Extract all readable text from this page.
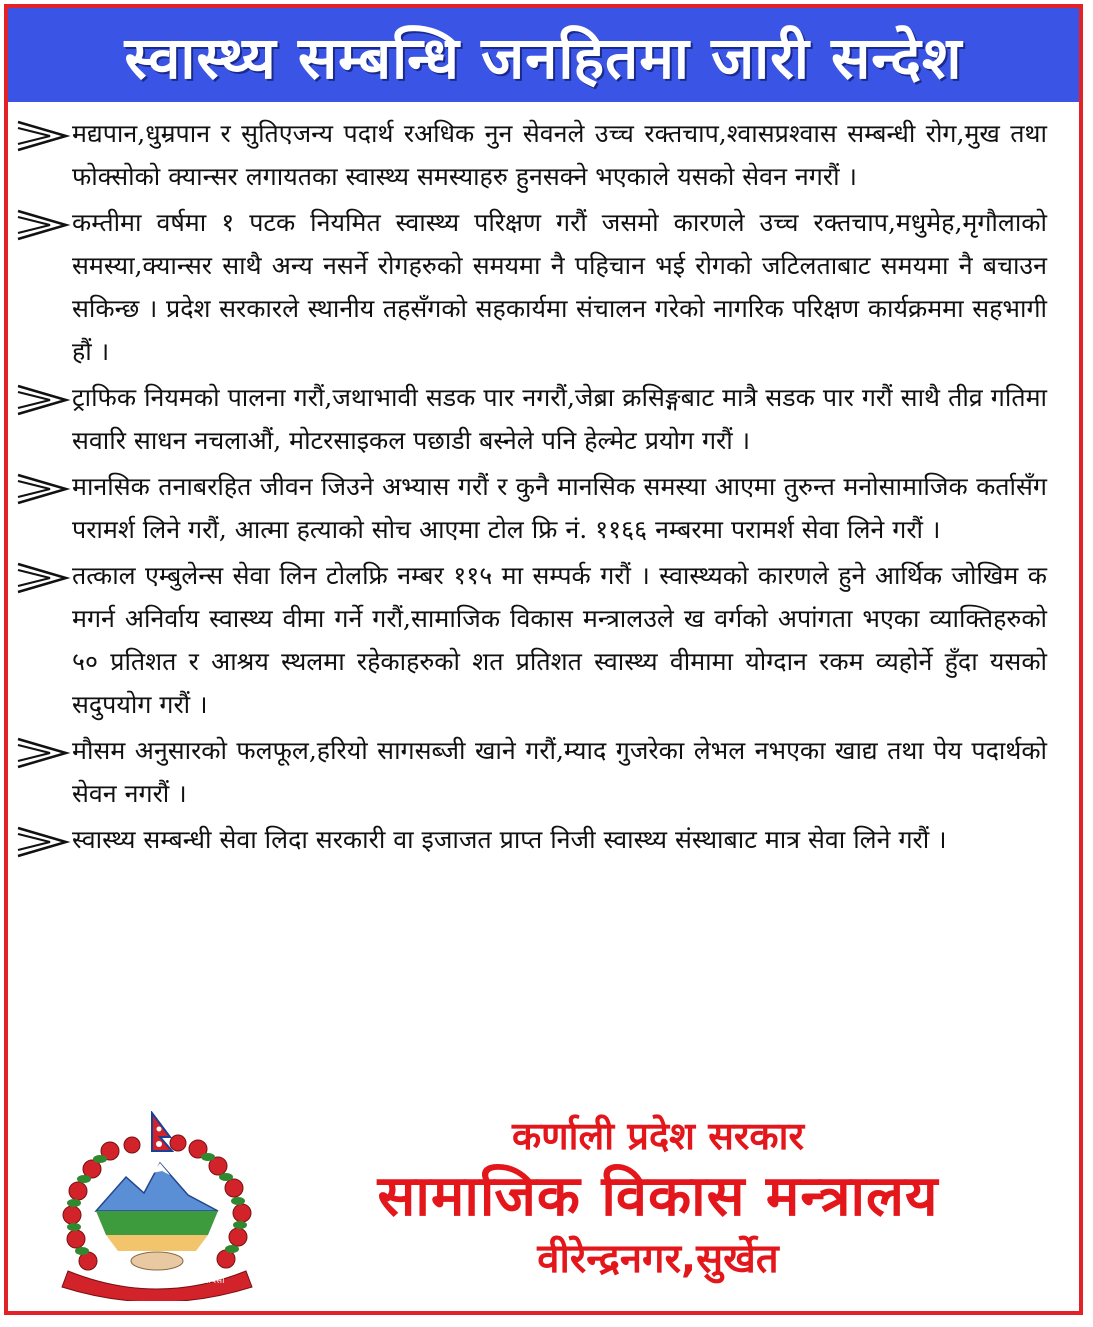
स्वास्थ्य सम्बन्धि जनहितमा जारी सन्देश
मद्यपान,धुम्रपान र सुतिएजन्य पदार्थ रअधिक नुन सेवनले उच्च रक्तचाप,श्वासप्रश्वास सम्बन्धी रोग,मुख तथा फोक्सोको क्यान्सर लगायतका स्वास्थ्य समस्याहरु हुनसक्ने भएकाले यसको सेवन नगरौं ।
कम्तीमा वर्षमा १ पटक नियमित स्वास्थ्य परिक्षण गरौं जसमो कारणले उच्च रक्तचाप,मधुमेह,मृगौलाको समस्या,क्यान्सर साथै अन्य नसर्ने रोगहरुको समयमा नै पहिचान भई रोगको जटिलताबाट समयमा नै बचाउन सकिन्छ । प्रदेश सरकारले स्थानीय तहसँगको सहकार्यमा संचालन गरेको नागरिक परिक्षण कार्यक्रममा सहभागी हौं ।
ट्राफिक नियमको पालना गरौं,जथाभावी सडक पार नगरौं,जेब्रा क्रसिङ्गबाट मात्रै सडक पार गरौं साथै तीव्र गतिमा सवारि साधन नचलाऔं, मोटरसाइकल पछाडी बस्नेले पनि हेल्मेट प्रयोग गरौं ।
मानसिक तनाबरहित जीवन जिउने अभ्यास गरौं र कुनै मानसिक समस्या आएमा तुरुन्त मनोसामाजिक कर्तासँग परामर्श लिने गरौं, आत्मा हत्याको सोच आएमा टोल फ्रि नं. ११६६ नम्बरमा परामर्श सेवा लिने गरौं ।
तत्काल एम्बुलेन्स सेवा लिन टोलफ्रि नम्बर ११५ मा सम्पर्क गरौं । स्वास्थ्यको कारणले हुने आर्थिक जोखिम क मगर्न अनिर्वाय स्वास्थ्य वीमा गर्ने गरौं,सामाजिक विकास मन्त्रालउले ख वर्गको अपांगता भएका व्याक्तिहरुको ५० प्रतिशत र आश्रय स्थलमा रहेकाहरुको शत प्रतिशत स्वास्थ्य वीमामा योग्दान रकम व्यहोर्ने हुँदा यसको सदुपयोग गरौं ।
मौसम अनुसारको फलफूल,हरियो सागसब्जी खाने गरौं,म्याद गुजरेका लेभल नभएका खाद्य तथा पेय पदार्थको सेवन नगरौं ।
स्वास्थ्य सम्बन्धी सेवा लिदा सरकारी वा इजाजत प्राप्त निजी स्वास्थ्य संस्थाबाट मात्र सेवा लिने गरौं ।
जननी जन्मभूमिश्च स्वर्गादपि गरीयसी
कर्णाली प्रदेश सरकार
सामाजिक विकास मन्त्रालय
वीरेन्द्रनगर,सुर्खेत
